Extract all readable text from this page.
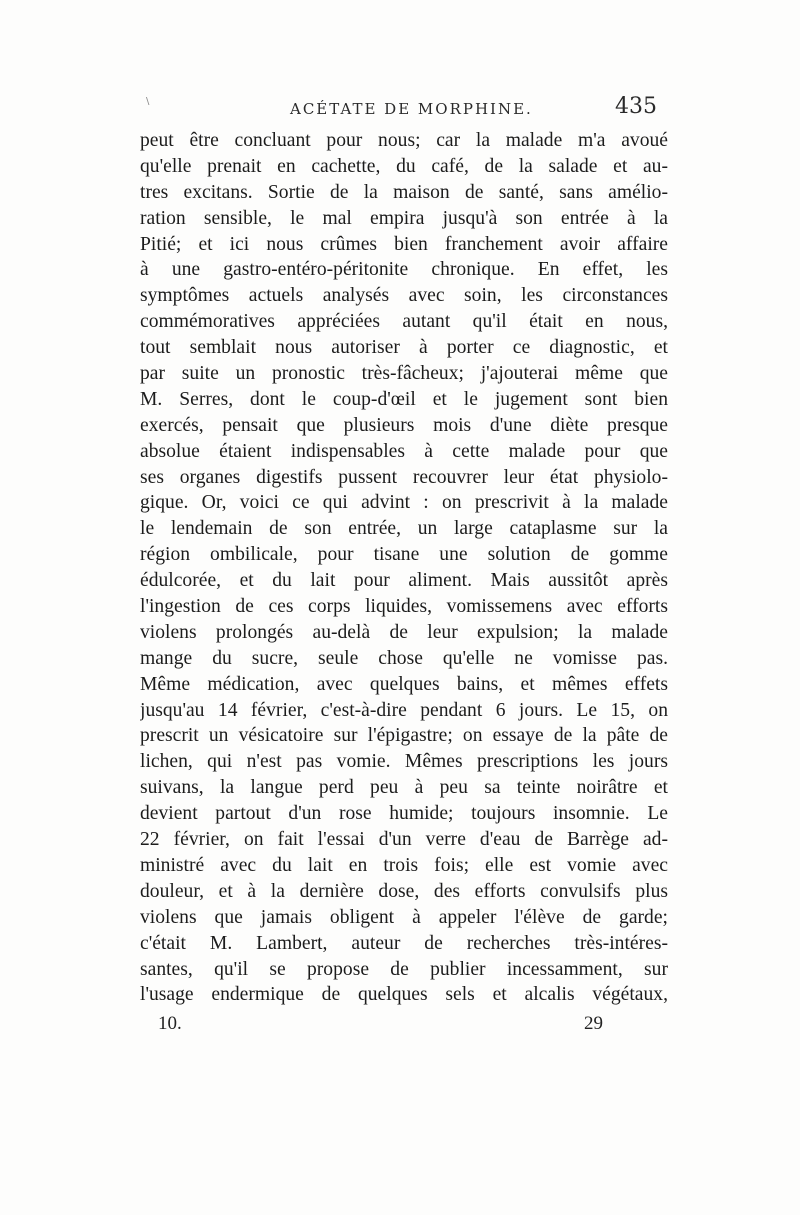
\	ACÉTATE DE MORPHINE.	435
peut être concluant pour nous; car la malade m'a avoué
qu'elle prenait en cachette, du café, de la salade et au-
tres excitans. Sortie de la maison de santé, sans amélio-
ration sensible, le mal empira jusqu'à son entrée à la
Pitié; et ici nous crûmes bien franchement avoir affaire
à une gastro-entéro-péritonite chronique. En effet, les
symptômes actuels analysés avec soin, les circonstances
commémoratives appréciées autant qu'il était en nous,
tout semblait nous autoriser à porter ce diagnostic, et
par suite un pronostic très-fâcheux; j'ajouterai même que
M. Serres, dont le coup-d'œil et le jugement sont bien
exercés, pensait que plusieurs mois d'une diète presque
absolue étaient indispensables à cette malade pour que
ses organes digestifs pussent recouvrer leur état physiolo-
gique. Or, voici ce qui advint : on prescrivit à la malade
le lendemain de son entrée, un large cataplasme sur la
région ombilicale, pour tisane une solution de gomme
édulcorée, et du lait pour aliment. Mais aussitôt après
l'ingestion de ces corps liquides, vomissemens avec efforts
violens prolongés au-delà de leur expulsion; la malade
mange du sucre, seule chose qu'elle ne vomisse pas.
Même médication, avec quelques bains, et mêmes effets
jusqu'au 14 février, c'est-à-dire pendant 6 jours. Le 15, on
prescrit un vésicatoire sur l'épigastre; on essaye de la pâte de
lichen, qui n'est pas vomie. Mêmes prescriptions les jours
suivans, la langue perd peu à peu sa teinte noirâtre et
devient partout d'un rose humide; toujours insomnie. Le
22 février, on fait l'essai d'un verre d'eau de Barrège ad-
ministré avec du lait en trois fois; elle est vomie avec
douleur, et à la dernière dose, des efforts convulsifs plus
violens que jamais obligent à appeler l'élève de garde;
c'était M. Lambert, auteur de recherches très-intéres-
santes, qu'il se propose de publier incessamment, sur
l'usage endermique de quelques sels et alcalis végétaux,
10.	29
